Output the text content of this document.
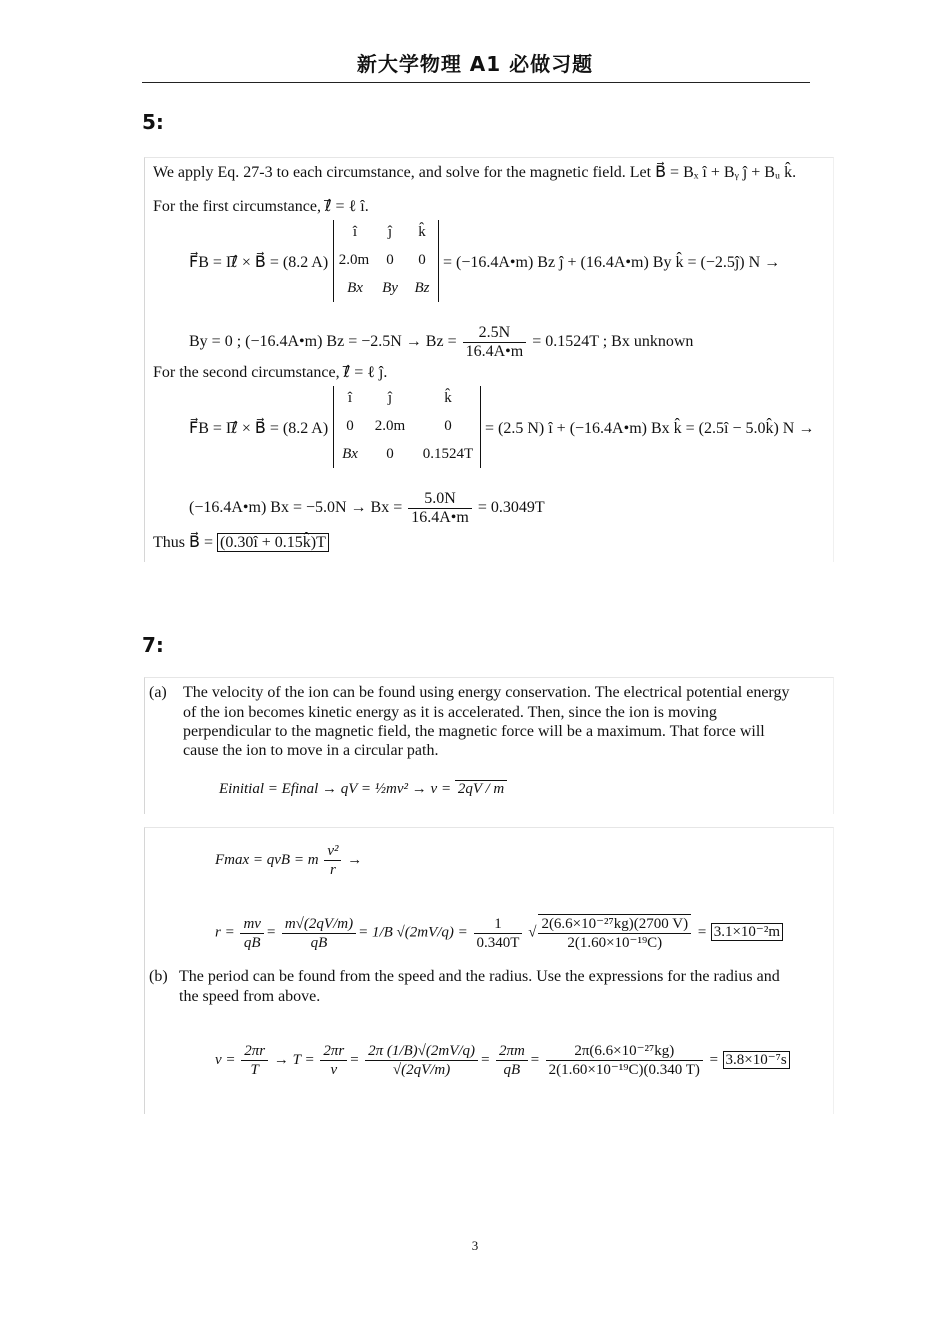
新大学物理 A1 必做习题
5:
We apply Eq. 27-3 to each circumstance, and solve for the magnetic field. Let B⃗ = Bₓ î + Bᵧ ĵ + Bᵤ k̂.
For the first circumstance, ℓ⃗ = ℓ î.
F⃗B = Iℓ⃗ × B⃗ = (8.2 A)
î	ĵ	k̂
2.0m	0	0
Bx	By	Bz
= (−16.4A•m) Bz ĵ + (16.4A•m) By k̂ = (−2.5ĵ) N →
By = 0 ; (−16.4A•m) $Bz = -2.5N \to Bz = \frac{2.5N}{16.4A•m} = 0.1524T$ ; Bx unknown
For the second circumstance, ℓ⃗ = ℓ ĵ.
F⃗B = Iℓ⃗ × B⃗ = (8.2 A)
î	ĵ	k̂
0	2.0m	0
Bx	0	0.1524T
= (2.5 N) î + (−16.4A•m) Bx k̂ = (2.5î − 5.0k̂) N →
(−16.4A•m) $Bx = -5.0N \to Bx = \frac{5.0N}{16.4A•m} = 0.3049T$
Thus B⃗ = (0.30î + 0.15k̂)T
7:
(a) The velocity of the ion can be found using energy conservation. The electrical potential energy
of the ion becomes kinetic energy as it is accelerated. Then, since the ion is moving
perpendicular to the magnetic field, the magnetic force will be a maximum. That force will
cause the ion to move in a circular path.
Einitial = Efinal → qV = ½mv² → v = 2qV / m
Fmax = qvB = m $\frac{\text{v²}}{r}$ →
$r = \frac{mv}{qB} = \frac{m√(2qV/m)}{qB} = 1/B$ $√(2mV/q) = \frac{1}{0.340T}$ √ $\frac{\text{2(6.6×10⁻²⁷kg)(2700 V)}}{\text{2(1.60×10⁻¹⁹C)}} = 3.1\times 10^{-2}m$
(b) The period can be found from the speed and the radius. Use the expressions for the radius and
the speed from above.
$v = \frac{2\pi r}{T} \to T = \frac{2\pi r}{v} = \frac{2\pi (1/B)√(2mV/q)}{√(2qV/m)} = \frac{2\pi m}{qB} = \frac{\text{2π(6.6×10⁻²⁷kg)}}{\text{2(1.60×10⁻¹⁹C)(0.340 T)}} = 3.8\times 10^{-7}s$
3
